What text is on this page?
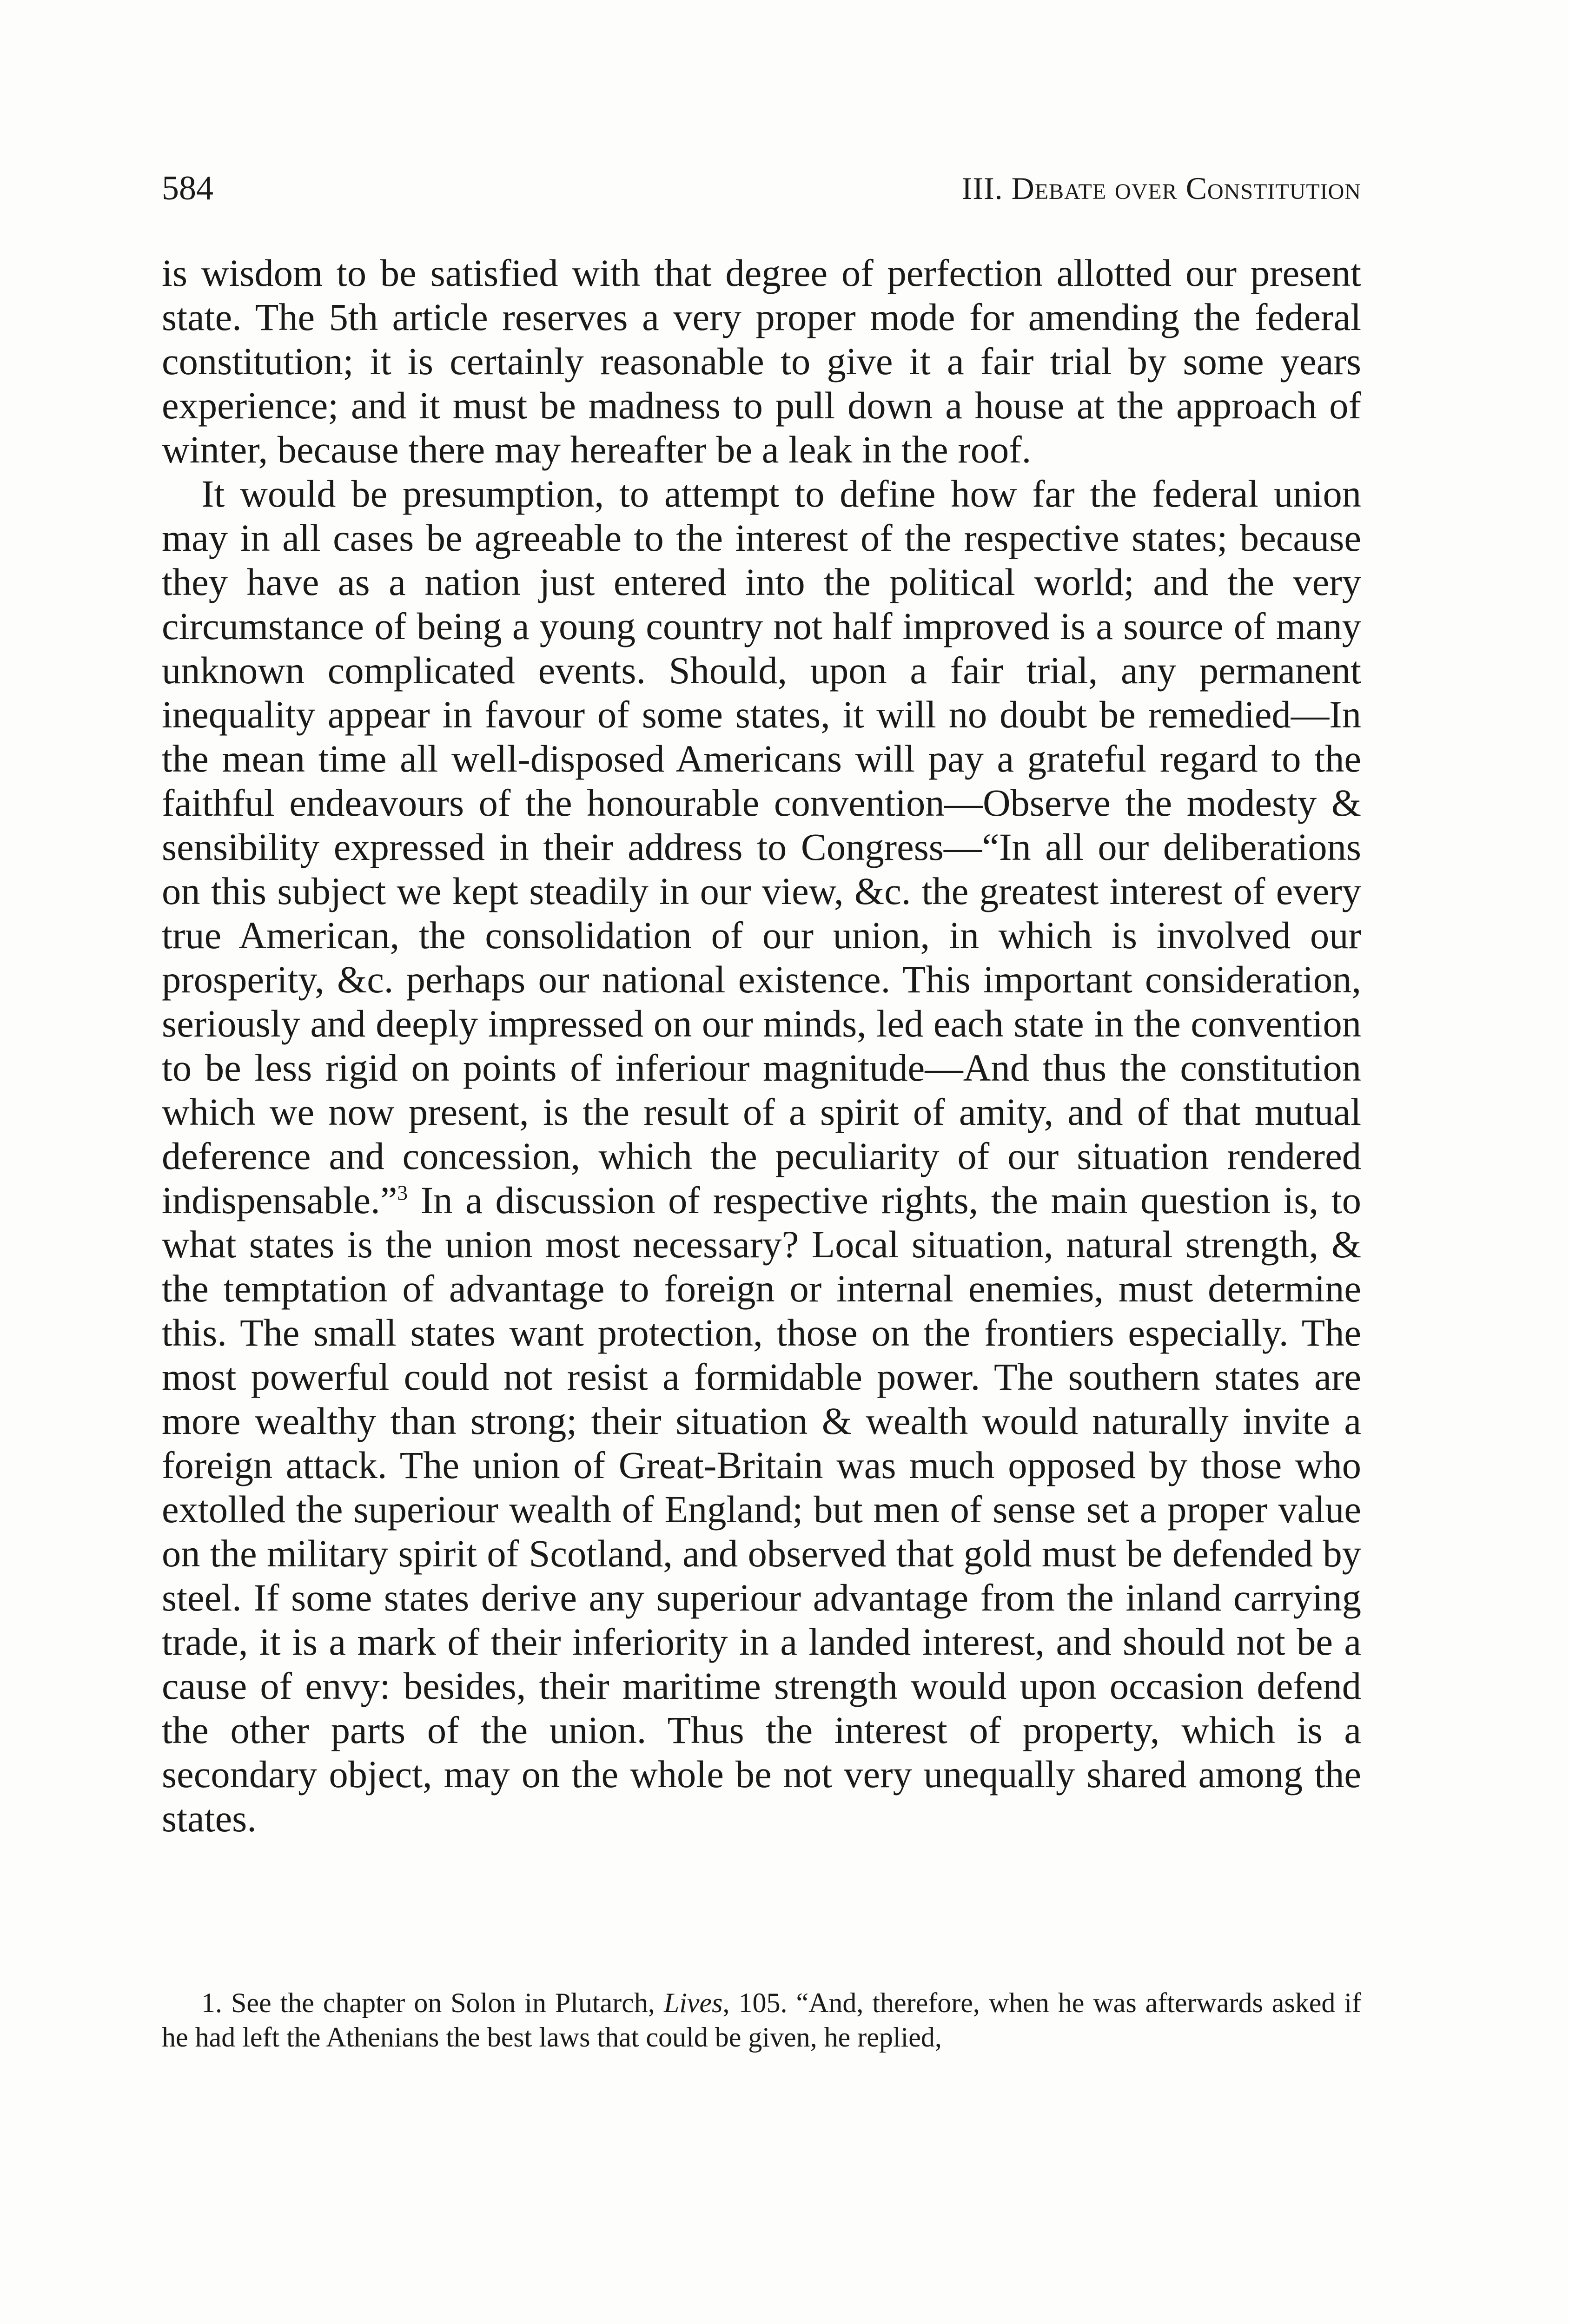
584	III. Debate over Constitution

is wisdom to be satisfied with that degree of perfection allotted our present state. The 5th article reserves a very proper mode for amending the federal constitution; it is certainly reasonable to give it a fair trial by some years experience; and it must be madness to pull down a house at the approach of winter, because there may hereafter be a leak in the roof.

It would be presumption, to attempt to define how far the federal union may in all cases be agreeable to the interest of the respective states; because they have as a nation just entered into the political world; and the very circumstance of being a young country not half improved is a source of many unknown complicated events. Should, upon a fair trial, any permanent inequality appear in favour of some states, it will no doubt be remedied—In the mean time all well-disposed Americans will pay a grateful regard to the faithful endeavours of the honourable convention—Observe the modesty & sensibility expressed in their address to Congress—“In all our deliberations on this subject we kept steadily in our view, &c. the greatest interest of every true American, the consolidation of our union, in which is involved our prosperity, &c. perhaps our national existence. This important consideration, seriously and deeply impressed on our minds, led each state in the convention to be less rigid on points of inferiour magnitude—And thus the constitution which we now present, is the result of a spirit of amity, and of that mutual deference and concession, which the peculiarity of our situation rendered indispensable.”$^3$ In a discussion of respective rights, the main question is, to what states is the union most necessary? Local situation, natural strength, & the temptation of advantage to foreign or internal enemies, must determine this. The small states want protection, those on the frontiers especially. The most powerful could not resist a formidable power. The southern states are more wealthy than strong; their situation & wealth would naturally invite a foreign attack. The union of Great-Britain was much opposed by those who extolled the superiour wealth of England; but men of sense set a proper value on the military spirit of Scotland, and observed that gold must be defended by steel. If some states derive any superiour advantage from the inland carrying trade, it is a mark of their inferiority in a landed interest, and should not be a cause of envy: besides, their maritime strength would upon occasion defend the other parts of the union. Thus the interest of property, which is a secondary object, may on the whole be not very unequally shared among the states.

1. See the chapter on Solon in Plutarch, Lives, 105. “And, therefore, when he was afterwards asked if he had left the Athenians the best laws that could be given, he replied,
